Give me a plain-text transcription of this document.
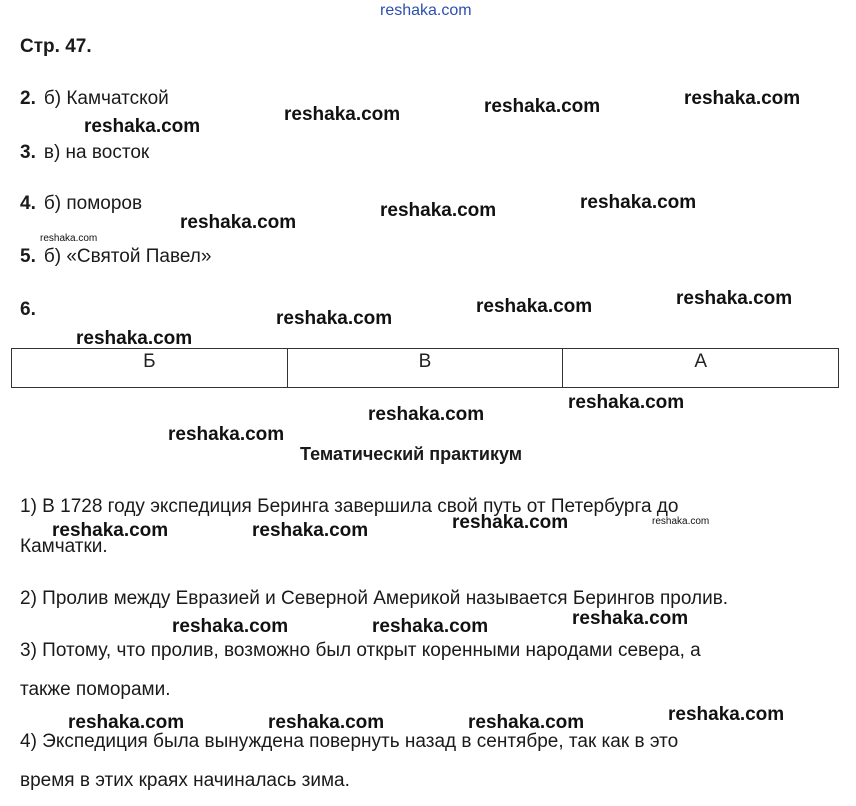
reshaka.com
Стр. 47.
2. б) Камчатской
3. в) на восток
4. б) поморов
5. б) «Святой Павел»
6.
Б	В	А
Тематический практикум
1) В 1728 году экспедиция Беринга завершила свой путь от Петербурга до
Камчатки.
2) Пролив между Евразией и Северной Америкой называется Берингов пролив.
3) Потому, что пролив, возможно был открыт коренными народами севера, а
также поморами.
4) Экспедиция была вынуждена повернуть назад в сентябре, так как в это
время в этих краях начиналась зима.
reshaka.com
reshaka.com
reshaka.com
reshaka.com
reshaka.com
reshaka.com
reshaka.com
reshaka.com
reshaka.com
reshaka.com
reshaka.com
reshaka.com
reshaka.com
reshaka.com
reshaka.com
reshaka.com
reshaka.com
reshaka.com
reshaka.com
reshaka.com
reshaka.com
reshaka.com
reshaka.com
reshaka.com
reshaka.com
reshaka.com
